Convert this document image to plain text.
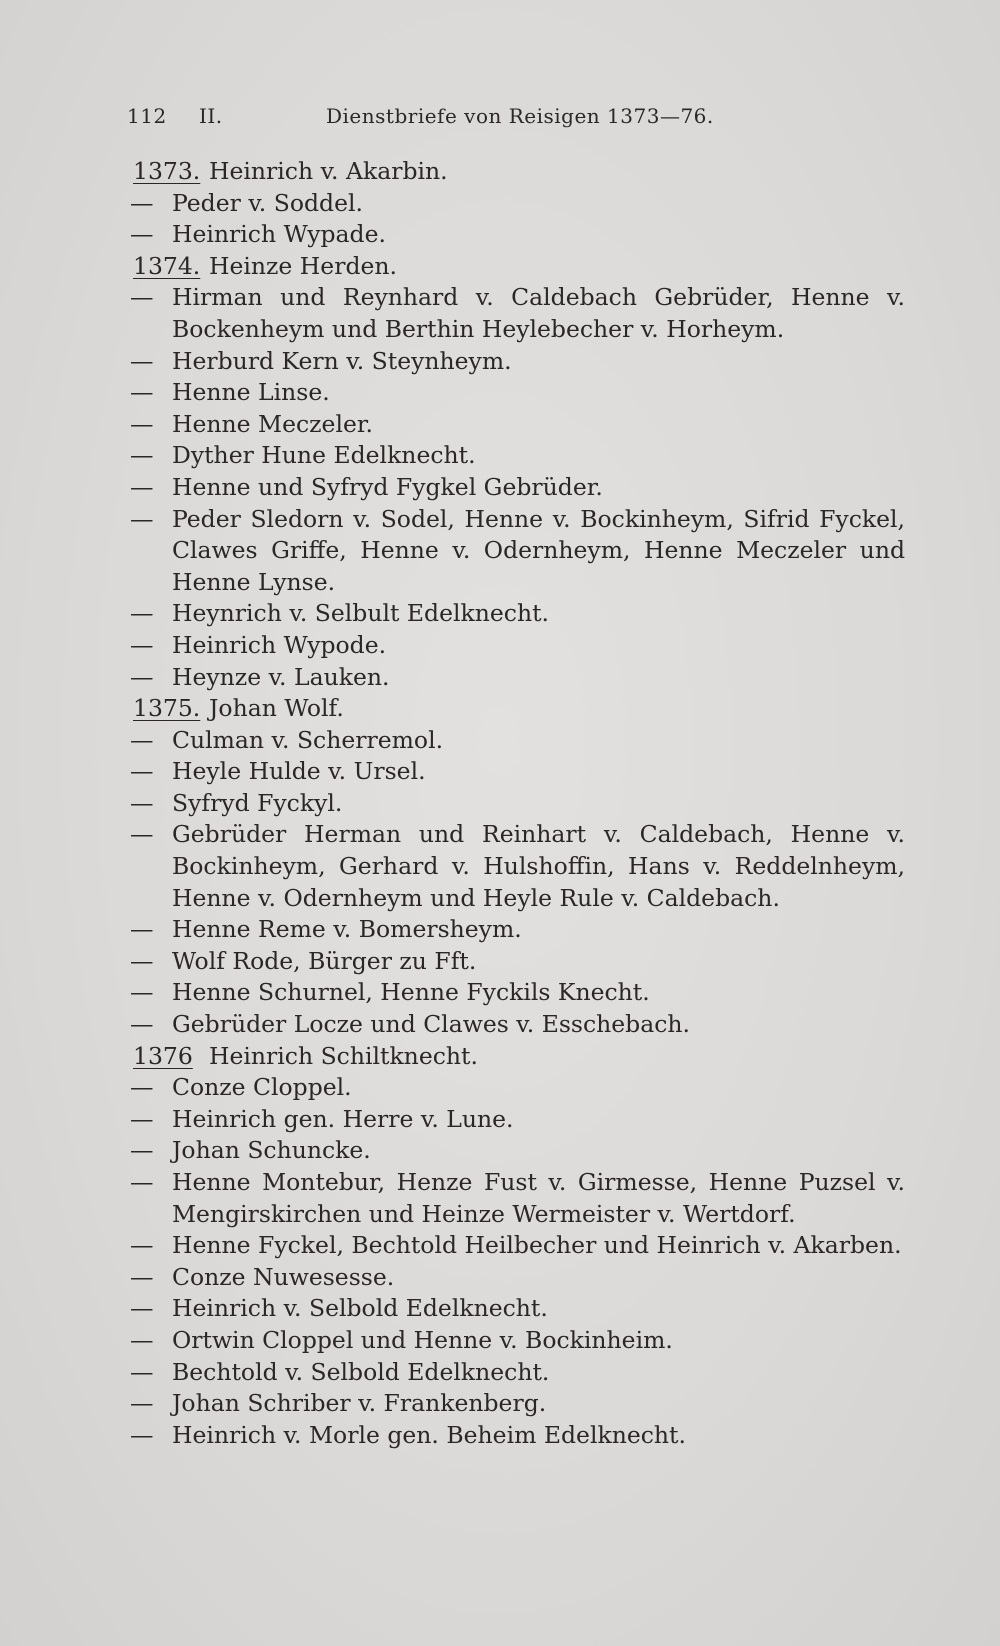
112 II.	Dienstbriefe von Reisigen 1373—76.
1373. Heinrich v. Akarbin.
— Peder v. Soddel.
— Heinrich Wypade.
1374. Heinze Herden.
— Hirman und Reynhard v. Caldebach Gebrüder, Henne v. Bockenheym und Berthin Heylebecher v. Horheym.
— Herburd Kern v. Steynheym.
— Henne Linse.
— Henne Meczeler.
— Dyther Hune Edelknecht.
— Henne und Syfryd Fygkel Gebrüder.
— Peder Sledorn v. Sodel, Henne v. Bockinheym, Sifrid Fyckel, Clawes Griffe, Henne v. Odernheym, Henne Meczeler und Henne Lynse.
— Heynrich v. Selbult Edelknecht.
— Heinrich Wypode.
— Heynze v. Lauken.
1375. Johan Wolf.
— Culman v. Scherremol.
— Heyle Hulde v. Ursel.
— Syfryd Fyckyl.
— Gebrüder Herman und Reinhart v. Caldebach, Henne v. Bockinheym, Gerhard v. Hulshoffin, Hans v. Reddelnheym, Henne v. Odernheym und Heyle Rule v. Caldebach.
— Henne Reme v. Bomersheym.
— Wolf Rode, Bürger zu Fft.
— Henne Schurnel, Henne Fyckils Knecht.
— Gebrüder Locze und Clawes v. Esschebach.
1376 Heinrich Schiltknecht.
— Conze Cloppel.
— Heinrich gen. Herre v. Lune.
— Johan Schuncke.
— Henne Montebur, Henze Fust v. Girmesse, Henne Puzsel v. Mengirskirchen und Heinze Wermeister v. Wertdorf.
— Henne Fyckel, Bechtold Heilbecher und Heinrich v. Akarben.
— Conze Nuwesesse.
— Heinrich v. Selbold Edelknecht.
— Ortwin Cloppel und Henne v. Bockinheim.
— Bechtold v. Selbold Edelknecht.
— Johan Schriber v. Frankenberg.
— Heinrich v. Morle gen. Beheim Edelknecht.
